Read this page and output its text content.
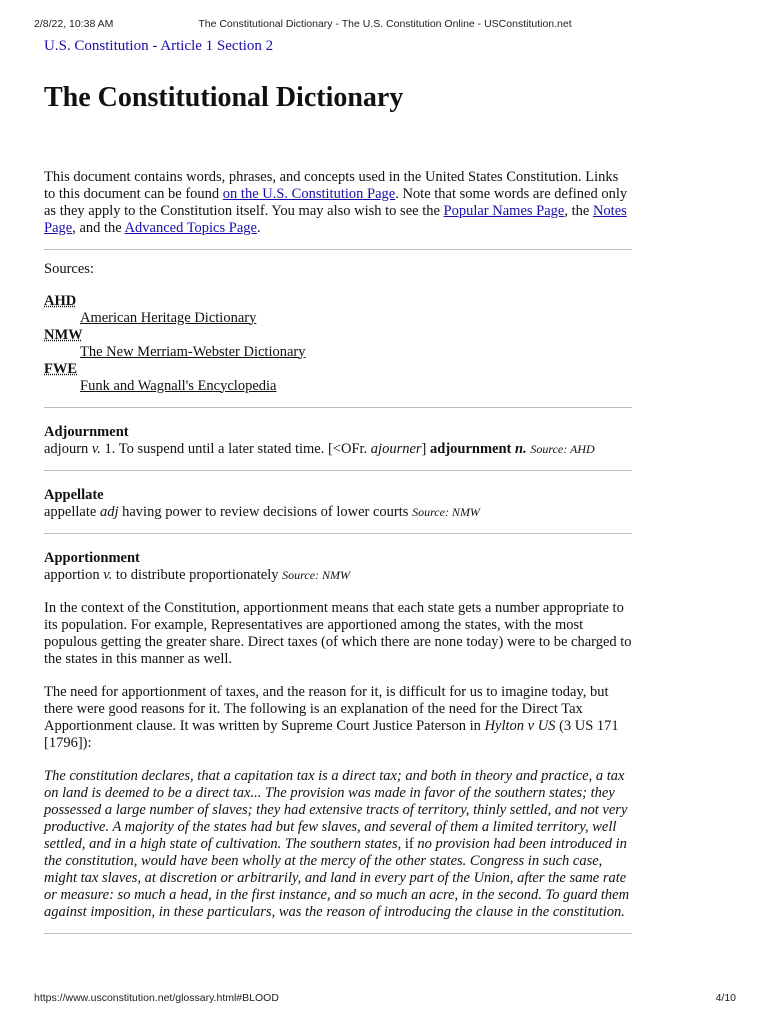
2/8/22, 10:38 AM	The Constitutional Dictionary - The U.S. Constitution Online - USConstitution.net
U.S. Constitution - Article 1 Section 2
The Constitutional Dictionary

This document contains words, phrases, and concepts used in the United States Constitution. Links to this document can be found on the U.S. Constitution Page. Note that some words are defined only as they apply to the Constitution itself. You may also wish to see the Popular Names Page, the Notes Page, and the Advanced Topics Page.

Sources:

AHD
American Heritage Dictionary
NMW
The New Merriam-Webster Dictionary
FWE
Funk and Wagnall's Encyclopedia
Adjournment
adjourn v. 1. To suspend until a later stated time. [<OFr. ajourner] adjournment n. Source: AHD
Appellate
appellate adj having power to review decisions of lower courts Source: NMW
Apportionment
apportion v. to distribute proportionately Source: NMW

In the context of the Constitution, apportionment means that each state gets a number appropriate to its population. For example, Representatives are apportioned among the states, with the most populous getting the greater share. Direct taxes (of which there are none today) were to be charged to the states in this manner as well.

The need for apportionment of taxes, and the reason for it, is difficult for us to imagine today, but there were good reasons for it. The following is an explanation of the need for the Direct Tax Apportionment clause. It was written by Supreme Court Justice Paterson in Hylton v US (3 US 171 [1796]):

The constitution declares, that a capitation tax is a direct tax; and both in theory and practice, a tax on land is deemed to be a direct tax... The provision was made in favor of the southern states; they possessed a large number of slaves; they had extensive tracts of territory, thinly settled, and not very productive. A majority of the states had but few slaves, and several of them a limited territory, well settled, and in a high state of cultivation. The southern states, if no provision had been introduced in the constitution, would have been wholly at the mercy of the other states. Congress in such case, might tax slaves, at discretion or arbitrarily, and land in every part of the Union, after the same rate or measure: so much a head, in the first instance, and so much an acre, in the second. To guard them against imposition, in these particulars, was the reason of introducing the clause in the constitution.

https://www.usconstitution.net/glossary.html#BLOOD	4/10
